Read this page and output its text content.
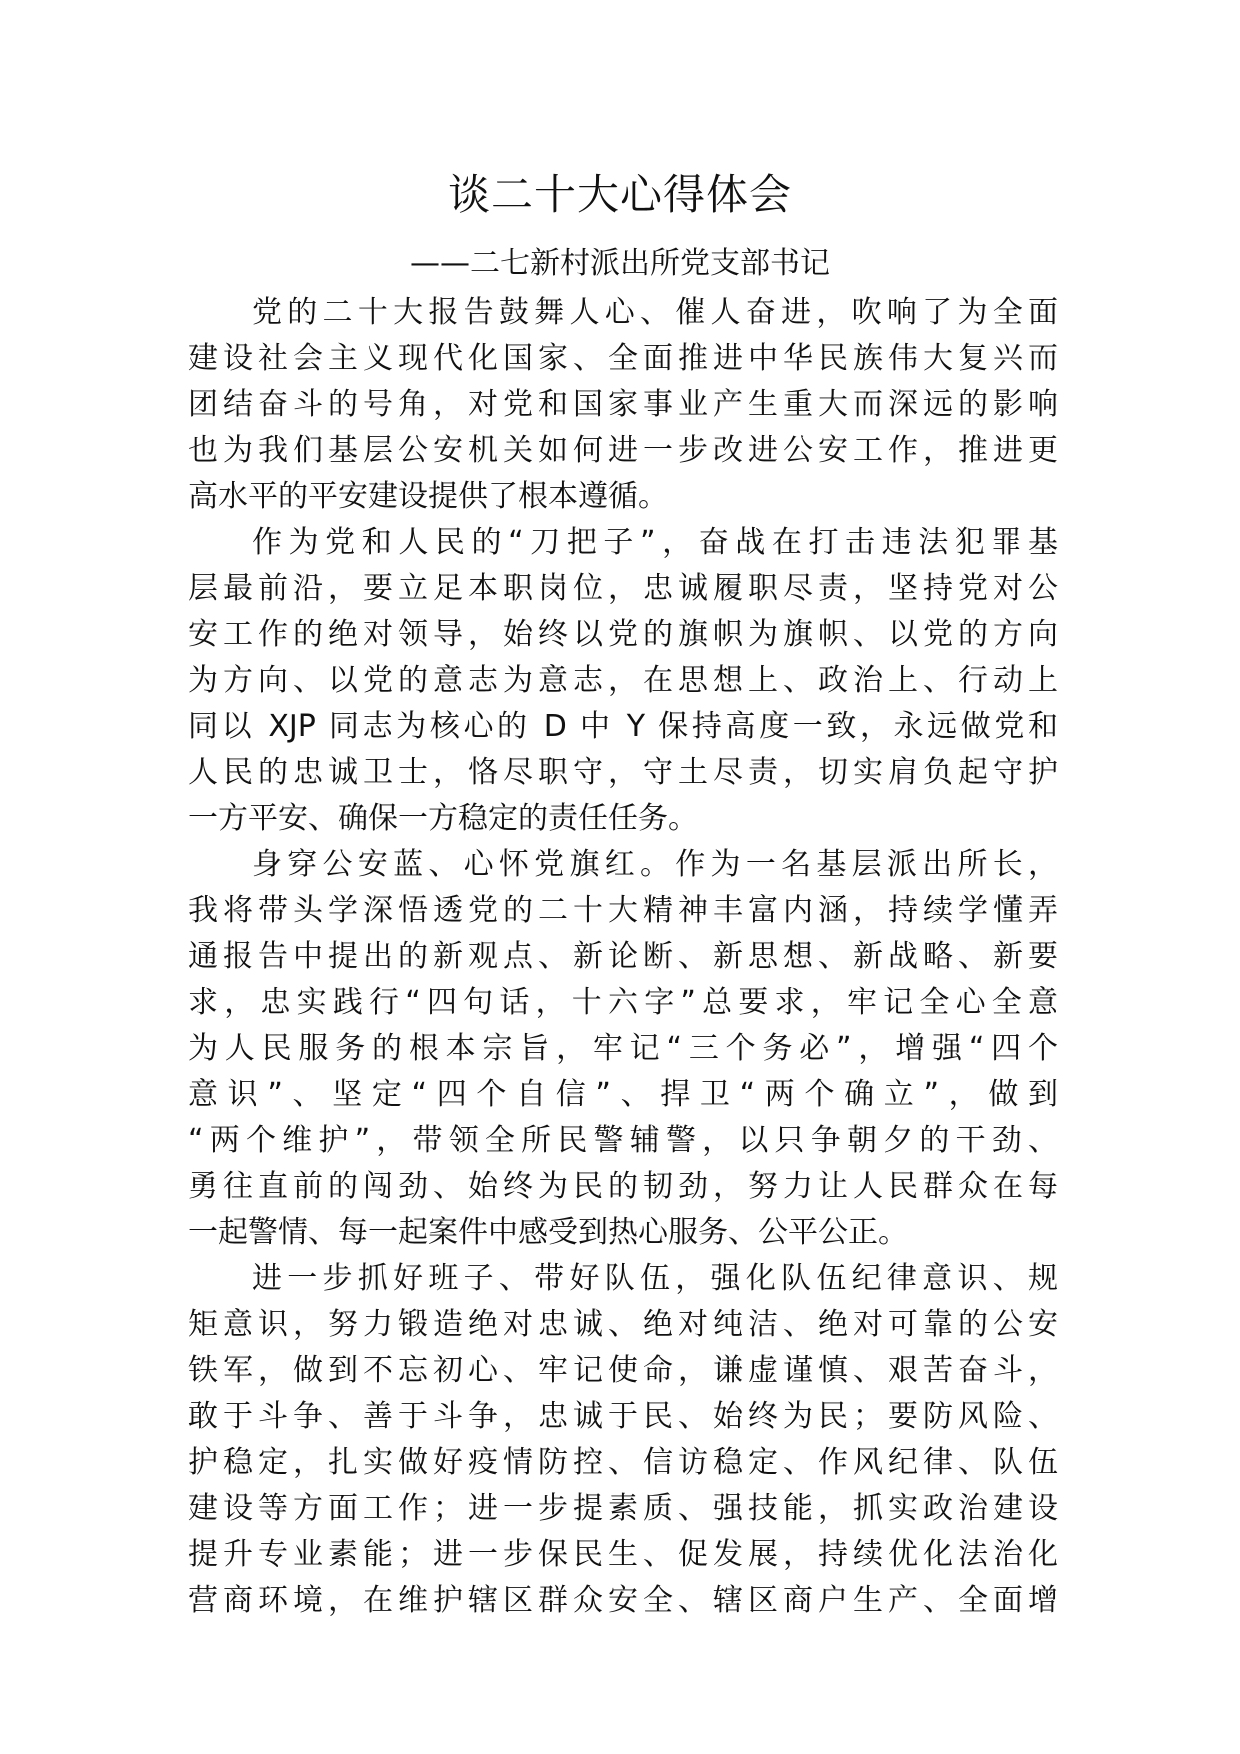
谈二十大心得体会
——二七新村派出所党支部书记
党的二十大报告鼓舞人心、催人奋进，吹响了为全面
建设社会主义现代化国家、全面推进中华民族伟大复兴而
团结奋斗的号角，对党和国家事业产生重大而深远的影响
也为我们基层公安机关如何进一步改进公安工作，推进更
高水平的平安建设提供了根本遵循。
作为党和人民的“刀把子”，奋战在打击违法犯罪基
层最前沿，要立足本职岗位，忠诚履职尽责，坚持党对公
安工作的绝对领导，始终以党的旗帜为旗帜、以党的方向
为方向、以党的意志为意志，在思想上、政治上、行动上
同以 XJP 同志为核心的 D 中 Y 保持高度一致，永远做党和
人民的忠诚卫士，恪尽职守，守土尽责，切实肩负起守护
一方平安、确保一方稳定的责任任务。
身穿公安蓝、心怀党旗红。作为一名基层派出所长，
我将带头学深悟透党的二十大精神丰富内涵，持续学懂弄
通报告中提出的新观点、新论断、新思想、新战略、新要
求，忠实践行“四句话，十六字”总要求，牢记全心全意
为人民服务的根本宗旨，牢记“三个务必”，增强“四个
意识”、坚定“四个自信”、捍卫“两个确立”，做到
“两个维护”，带领全所民警辅警，以只争朝夕的干劲、
勇往直前的闯劲、始终为民的韧劲，努力让人民群众在每
一起警情、每一起案件中感受到热心服务、公平公正。
进一步抓好班子、带好队伍，强化队伍纪律意识、规
矩意识，努力锻造绝对忠诚、绝对纯洁、绝对可靠的公安
铁军，做到不忘初心、牢记使命，谦虚谨慎、艰苦奋斗，
敢于斗争、善于斗争，忠诚于民、始终为民；要防风险、
护稳定，扎实做好疫情防控、信访稳定、作风纪律、队伍
建设等方面工作；进一步提素质、强技能，抓实政治建设
提升专业素能；进一步保民生、促发展，持续优化法治化
营商环境，在维护辖区群众安全、辖区商户生产、全面增
